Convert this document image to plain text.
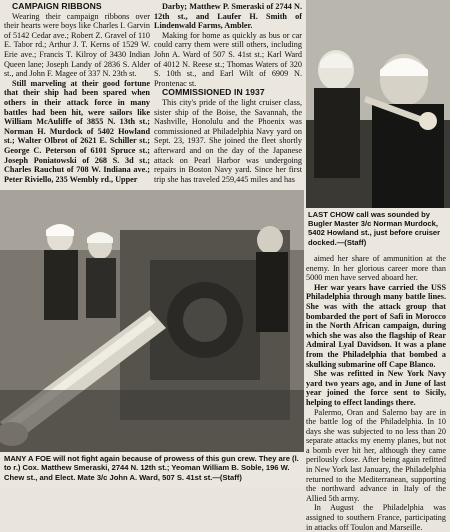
CAMPAIGN RIBBONS

Wearing their campaign ribbons over their hearts were boys like Charles I. Garvin of 5142 Cedar ave.; Robert Z. Gravel of 110 E. Tabor rd.; Arthur J. T. Kerns of 1529 W. Erie ave.; Francis T. Kilroy of 3430 Indian Queen lane; Joseph Landy of 2836 S. Alder st., and John F. Magee of 337 N. 23th st.

Still marveling at their good fortune that their ship had been spared when others in their attack force in many battles had been hit, were sailors like William McAuliffe of 3855 N. 13th st.; Norman H. Murdock of 5402 Howland st.; Walter Olbrot of 2621 E. Schiller st.; George C. Peterson of 6101 Spruce st.; Joseph Poniatowski of 268 S. 3d st.; Charles Rauchut of 708 W. Indiana ave.; Peter Riviello, 235 Wembly rd., Upper

Darby; Matthew P. Smeraski of 2744 N. 12th st., and Laufer H. Smith of Lindenwald Farms, Ambler.

Making for home as quickly as bus or car could carry them were still others, including John A. Ward of 507 S. 41st st.; Karl Ward of 4012 N. Reese st.; Thomas Waters of 320 S. 10th st., and Earl Wilt of 6909 N. Prontenac st.

COMMISSIONED IN 1937

This city's pride of the light cruiser class, sister ship of the Boise, the Savannah, the Nashville, Honolulu and the Phoenix was commissioned at Philadelphia Navy yard on Sept. 23, 1937. She joined the fleet shortly afterward and on the day of the Japanese attack on Pearl Harbor was undergoing repairs in Boston Navy yard. Since her first trip she has traveled 259,445 miles and has

LAST CHOW call was sounded by Bugler Master 3/c Norman Murdock, 5402 Howland st., just before cruiser docked.—(Staff)

aimed her share of ammunition at the enemy. In her glorious career more than 5000 men have served aboard her.

Her war years have carried the USS Philadelphia through many battle lines. She was with the attack group that bombarded the port of Safi in Morocco in the North African campaign, during which she was also the flagship of Rear Admiral Lyal Davidson. It was a plane from the Philadelphia that bombed a skulking submarine off Cape Blanco.

She was refitted in New York Navy yard two years ago, and in June of last year joined the force sent to Sicily, helping to effect landings there.

Palermo, Oran and Salerno bay are in the battle log of the Philadelphia. In 10 days she was subjected to no less than 20 separate attacks my enemy planes, but not a bomb ever hit her, although they came perilously close. After being again refitted in New York last January, the Philadelphia returned to the Mediterranean, supporting the northward advance in Italy of the Allied 5th army.

In August the Philadelphia was assigned to southern France, participating in attacks off Toulon and Marseille.

MANY A FOE will not fight again because of prowess of this gun crew. They are (l. to r.) Cox. Matthew Smeraski, 2744 N. 12th st.; Yeoman William B. Soble, 196 W. Chew st., and Elect. Mate 3/c John A. Ward, 507 S. 41st st.—(Staff)
